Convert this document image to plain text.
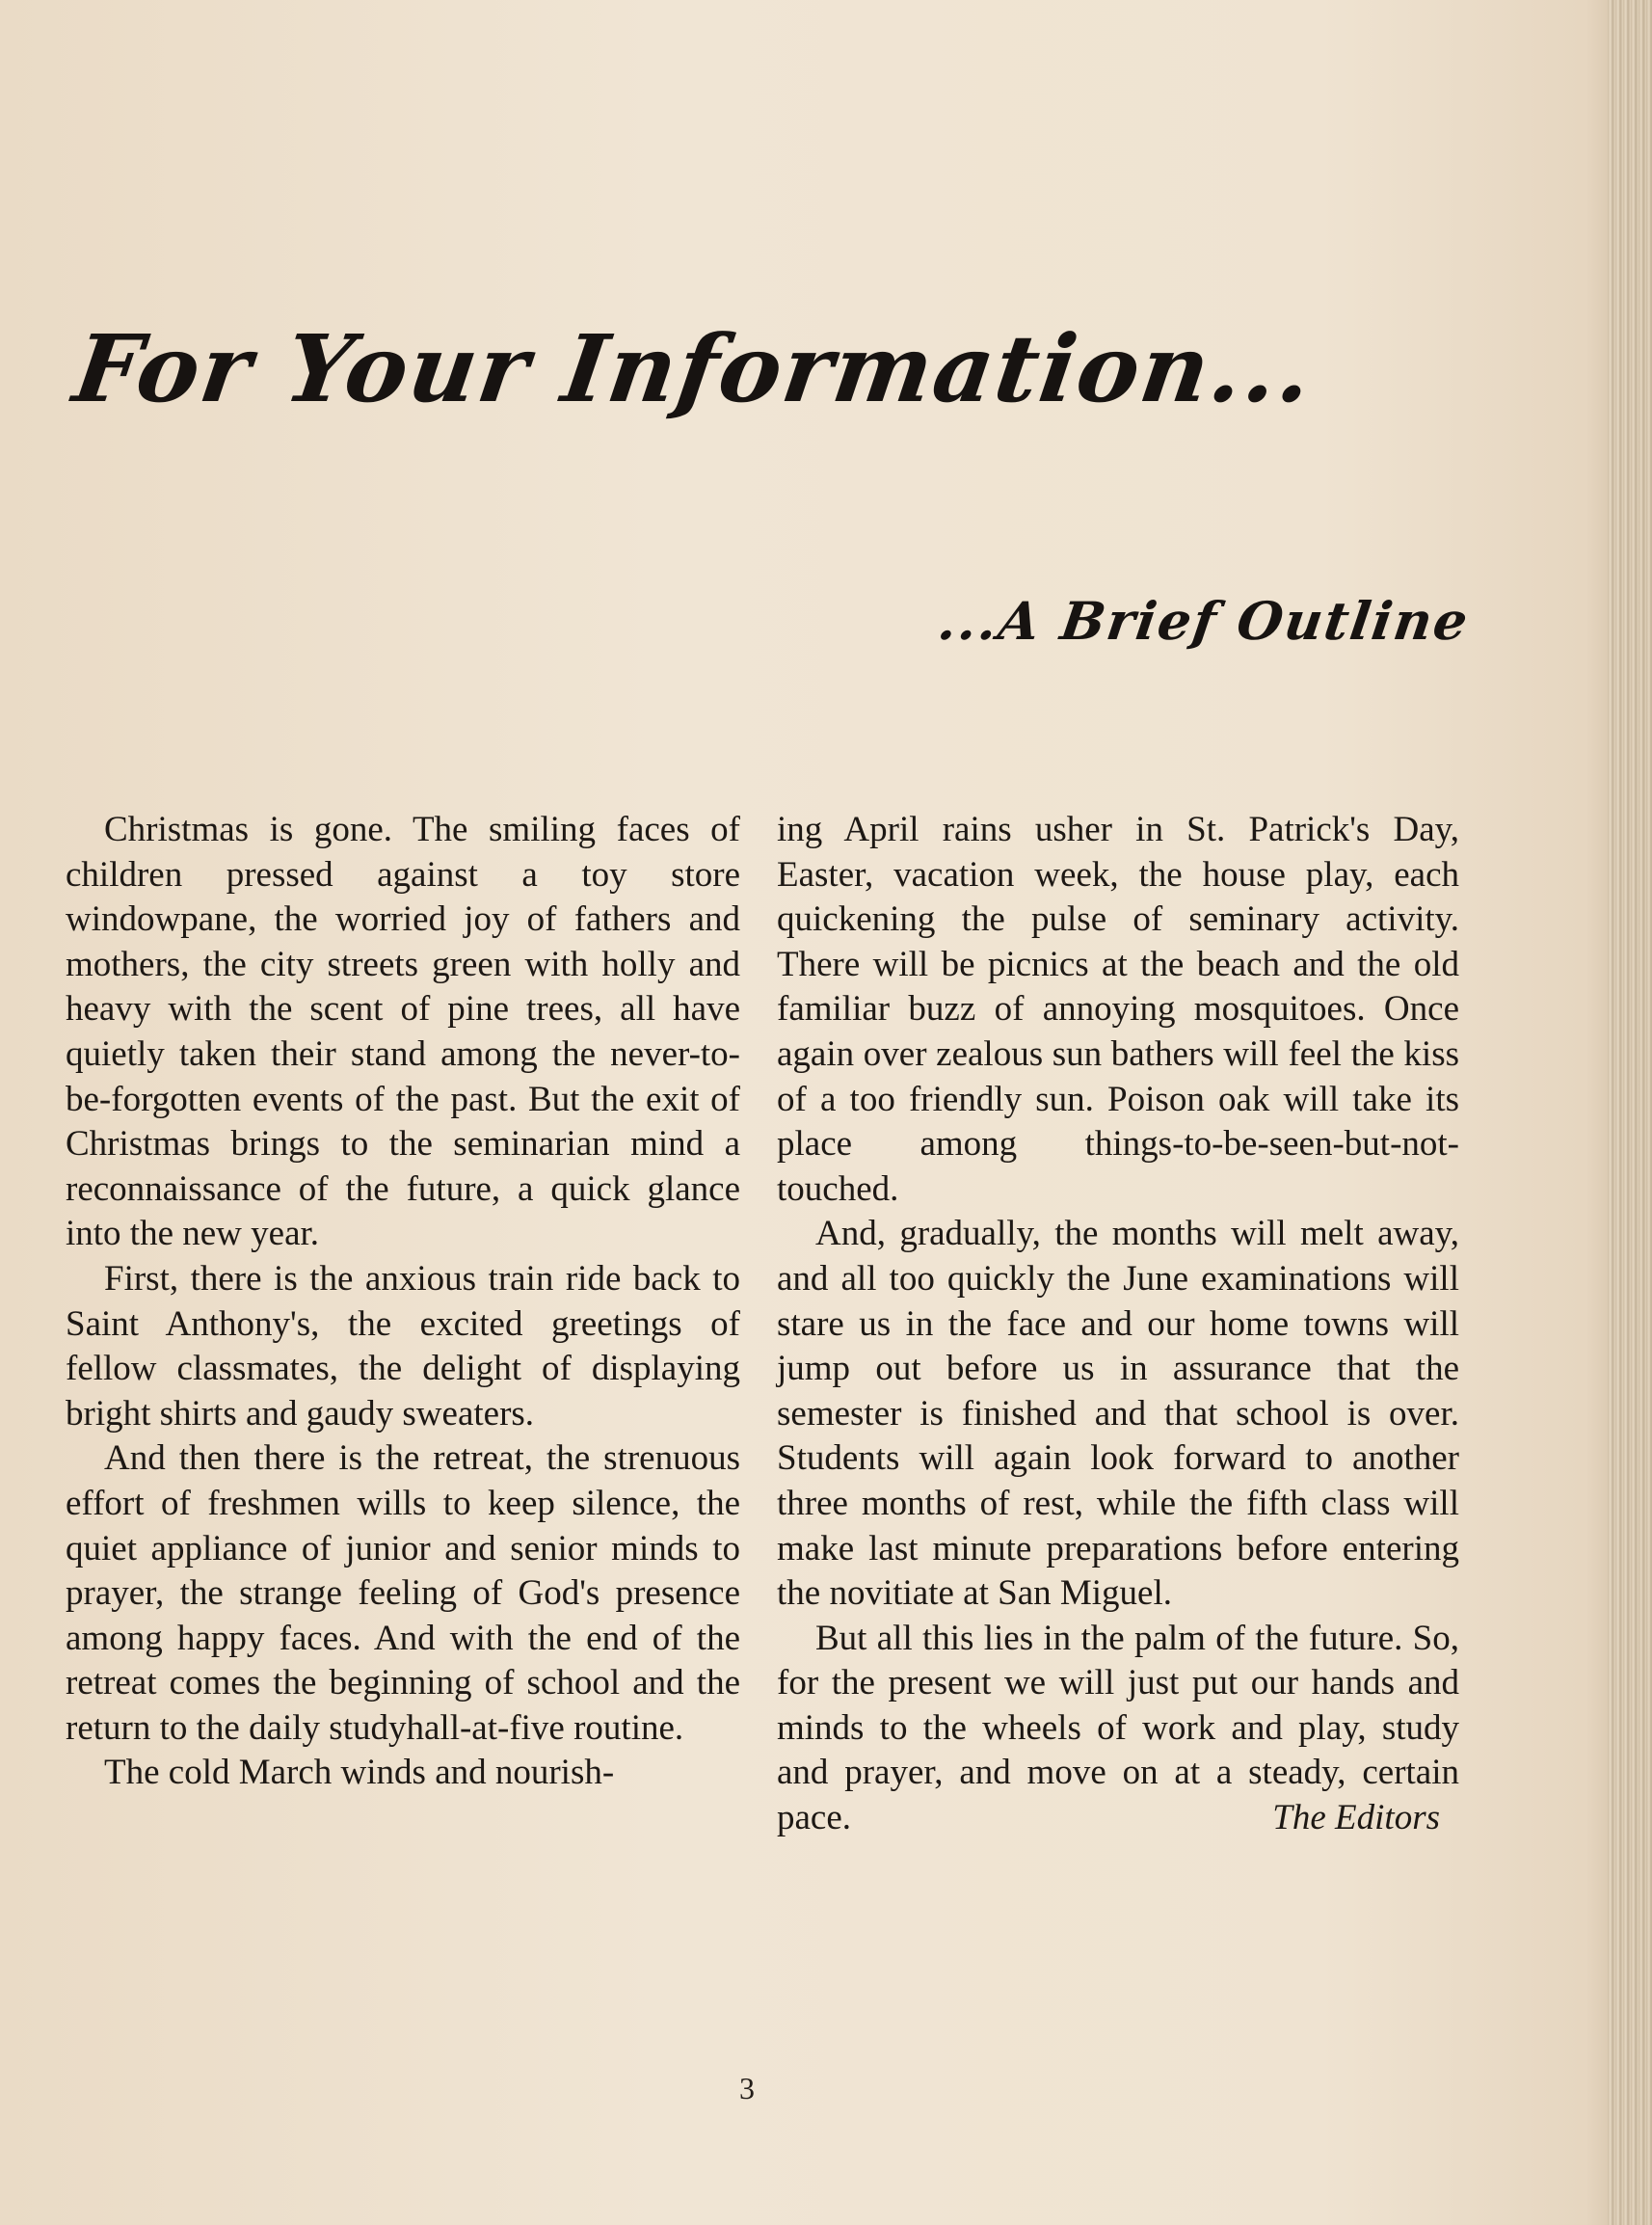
For Your Information...
...A Brief Outline

Christmas is gone. The smiling faces of children pressed against a toy store windowpane, the worried joy of fathers and mothers, the city streets green with holly and heavy with the scent of pine trees, all have quietly taken their stand among the never-to-be-forgotten events of the past. But the exit of Christmas brings to the seminarian mind a reconnaissance of the future, a quick glance into the new year.

First, there is the anxious train ride back to Saint Anthony's, the excited greetings of fellow classmates, the delight of displaying bright shirts and gaudy sweaters.

And then there is the retreat, the strenuous effort of freshmen wills to keep silence, the quiet appliance of junior and senior minds to prayer, the strange feeling of God's presence among happy faces. And with the end of the retreat comes the beginning of school and the return to the daily studyhall-at-five routine.

The cold March winds and nourish-

ing April rains usher in St. Patrick's Day, Easter, vacation week, the house play, each quickening the pulse of seminary activity. There will be picnics at the beach and the old familiar buzz of annoying mosquitoes. Once again over zealous sun bathers will feel the kiss of a too friendly sun. Poison oak will take its place among things-to-be-seen-but-not-touched.

And, gradually, the months will melt away, and all too quickly the June examinations will stare us in the face and our home towns will jump out before us in assurance that the semester is finished and that school is over. Students will again look forward to another three months of rest, while the fifth class will make last minute preparations before entering the novitiate at San Miguel.

But all this lies in the palm of the future. So, for the present we will just put our hands and minds to the wheels of work and play, study and prayer, and move on at a steady, certain pace.	The Editors

3
